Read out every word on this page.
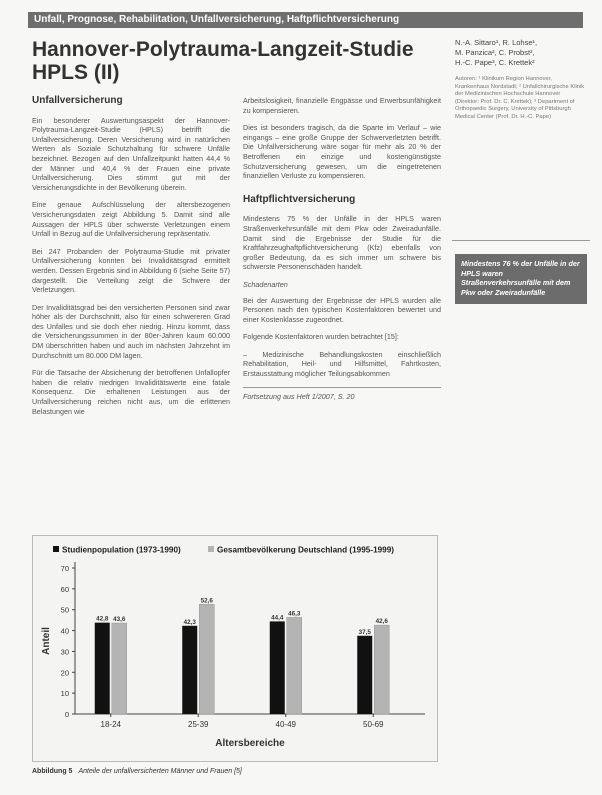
Unfall, Prognose, Rehabilitation, Unfallversicherung, Haftpflichtversicherung
Hannover-Polytrauma-Langzeit-Studie HPLS (II)
N.-A. Sittaro¹, R. Lohse¹,
M. Panzica², C. Probst²,
H.-C. Pape³, C. Krettek²
Autoren: ¹ Klinikum Region Hannover, Krankenhaus Nordstadt; ² Unfallchirurgische Klinik der Medizinischen Hochschule Hannover (Direktor: Prof. Dr. C. Krettek); ³ Department of Orthopaedic Surgery, University of Pittsburgh Medical Center (Prof. Dr. H.-C. Pape)
Unfallversicherung

Ein besonderer Auswertungsaspekt der Hannover-Polytrauma-Langzeit-Studie (HPLS) betrifft die Unfallversicherung. Deren Versicherung wird in natürlichen Werten als Soziale Schutzhaltung für schwere Unfälle bezeichnet. Bezogen auf den Unfallzeitpunkt hatten 44,4 % der Männer und 40,4 % der Frauen eine private Unfallversicherung. Dies stimmt gut mit der Versicherungsdichte in der Bevölkerung überein.

Eine genaue Aufschlüsselung der altersbezogenen Versicherungsdaten zeigt Abbildung 5. Damit sind alle Aussagen der HPLS über schwerste Verletzungen einem Unfall in Bezug auf die Unfallversicherung repräsentativ.

Bei 247 Probanden der Polytrauma-Studie mit privater Unfallversicherung konnten bei Invaliditätsgrad ermittelt werden. Dessen Ergebnis sind in Abbildung 6 (siehe Seite 57) dargestellt. Die Verteilung zeigt die Schwere der Verletzungen.

Der Invaliditätsgrad bei den versicherten Personen sind zwar höher als der Durchschnitt, also für einen schwereren Grad des Unfalles und sie doch eher niedrig. Hinzu kommt, dass die Versicherungssummen in der 80er-Jahren kaum 60.000 DM überschritten haben und auch im nächsten Jahrzehnt im Durchschnitt um 80.000 DM lagen.

Für die Tatsache der Absicherung der betroffenen Unfallopfer haben die relativ niedrigen Invaliditätswerte eine fatale Konsequenz. Die erhaltenen Leistungen aus der Unfallversicherung reichen nicht aus, um die erlittenen Belastungen wie

Arbeitslosigkeit, finanzielle Engpässe und Erwerbsunfähigkeit zu kompensieren.

Dies ist besonders tragisch, da die Sparte im Verlauf – wie eingangs – eine große Gruppe der Schwerverletzten betrifft. Die Unfallversicherung wäre sogar für mehr als 20 % der Betroffenen ein einzige und kostengünstigste Schutzversicherung gewesen, um die eingetretenen finanziellen Verluste zu kompensieren.

Haftpflichtversicherung

Mindestens 75 % der Unfälle in der HPLS waren Straßenverkehrsunfälle mit dem Pkw oder Zweiradunfälle. Damit sind die Ergebnisse der Studie für die Kraftfahrzeughaftpflichtversicherung (Kfz) ebenfalls von großer Bedeutung, da es sich immer um schwere bis schwerste Personenschäden handelt.

Schadenarten

Bei der Auswertung der Ergebnisse der HPLS wurden alle Personen nach den typischen Kostenfaktoren bewertet und einer Kostenklasse zugeordnet.

Folgende Kostenfaktoren wurden betrachtet [15]:

– Medizinische Behandlungskosten einschließlich Rehabilitation, Heil- und Hilfsmittel, Fahrtkosten, Erstausstattung möglicher Teilungsabkommen

Fortsetzung aus Heft 1/2007, S. 20

Mindestens 76 % der Unfälle in der HPLS waren Straßenverkehrsunfälle mit dem Pkw oder Zweiradunfälle
Studienpopulation (1973-1990)	Gesamtbevölkerung Deutschland (1995-1999)
0
10
20
30
40
50
60
70
42,8 43,6
18-24
42,3
52,6
25-39
44,4
46,3
40-49
37,5
42,6
50-69
Altersbereiche
Anteil
Abbildung 5 Anteile der unfallversicherten Männer und Frauen [5]
